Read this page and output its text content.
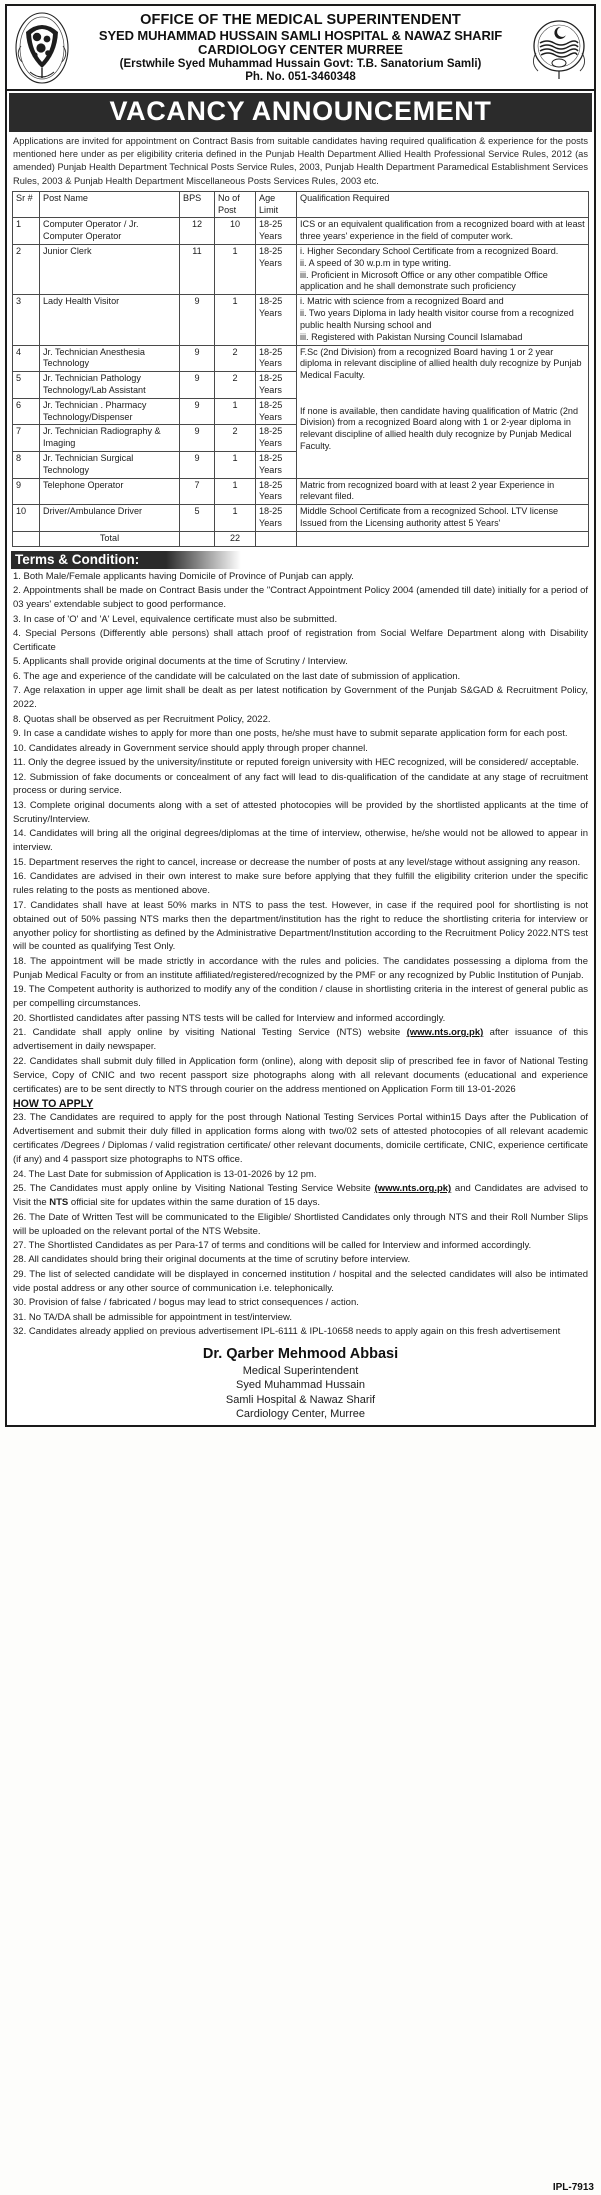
OFFICE OF THE MEDICAL SUPERINTENDENT
SYED MUHAMMAD HUSSAIN SAMLI HOSPITAL & NAWAZ SHARIF
CARDIOLOGY CENTER MURREE
(Erstwhile Syed Muhammad Hussain Govt: T.B. Sanatorium Samli)
Ph. No. 051-3460348
VACANCY ANNOUNCEMENT
Applications are invited for appointment on Contract Basis from suitable candidates having required qualification & experience for the posts mentioned here under as per eligibility criteria defined in the Punjab Health Department Allied Health Professional Service Rules, 2012 (as amended) Punjab Health Department Technical Posts Service Rules, 2003, Punjab Health Department Paramedical Establishment Services Rules, 2003 & Punjab Health Department Miscellaneous Posts Services Rules, 2003 etc.
Sr #	Post Name	BPS	No of Post	Age Limit	Qualification Required
1	Computer Operator / Jr. Computer Operator	12	10	18-25 Years	ICS or an equivalent qualification from a recognized board with at least three years' experience in the field of computer work.
2	Junior Clerk	11	1	18-25 Years	i. Higher Secondary School Certificate from a recognized Board.
ii. A speed of 30 w.p.m in type writing.
iii. Proficient in Microsoft Office or any other compatible Office application and he shall demonstrate such proficiency
3	Lady Health Visitor	9	1	18-25 Years	i. Matric with science from a recognized Board and
ii. Two years Diploma in lady health visitor course from a recognized public health Nursing school and
iii. Registered with Pakistan Nursing Council Islamabad
4	Jr. Technician Anesthesia Technology	9	2	18-25 Years	F.Sc (2nd Division) from a recognized Board having 1 or 2 year diploma in relevant discipline of allied health duly recognize by Punjab Medical Faculty.

If none is available, then candidate having qualification of Matric (2nd Division) from a recognized Board along with 1 or 2-year diploma in relevant discipline of allied health duly recognize by Punjab Medical Faculty.
5	Jr. Technician Pathology Technology/Lab Assistant	9	2	18-25 Years	
6	Jr. Technician . Pharmacy Technology/Dispenser	9	1	18-25 Years	
7	Jr. Technician Radiography & Imaging	9	2	18-25 Years	
8	Jr. Technician Surgical Technology	9	1	18-25 Years	
9	Telephone Operator	7	1	18-25 Years	Matric from recognized board with at least 2 year Experience in relevant filed.
10	Driver/Ambulance Driver	5	1	18-25 Years	Middle School Certificate from a recognized School. LTV license Issued from the Licensing authority attest 5 Years'
	Total		22		
Terms & Condition:
1. Both Male/Female applicants having Domicile of Province of Punjab can apply.
2. Appointments shall be made on Contract Basis under the "Contract Appointment Policy 2004 (amended till date) initially for a period of 03 years' extendable subject to good performance.
3. In case of 'O' and 'A' Level, equivalence certificate must also be submitted.
4. Special Persons (Differently able persons) shall attach proof of registration from Social Welfare Department along with Disability Certificate
5. Applicants shall provide original documents at the time of Scrutiny / Interview.
6. The age and experience of the candidate will be calculated on the last date of submission of application.
7. Age relaxation in upper age limit shall be dealt as per latest notification by Government of the Punjab S&GAD & Recruitment Policy, 2022.
8. Quotas shall be observed as per Recruitment Policy, 2022.
9. In case a candidate wishes to apply for more than one posts, he/she must have to submit separate application form for each post.
10. Candidates already in Government service should apply through proper channel.
11. Only the degree issued by the university/institute or reputed foreign university with HEC recognized, will be considered/ acceptable.
12. Submission of fake documents or concealment of any fact will lead to dis-qualification of the candidate at any stage of recruitment process or during service.
13. Complete original documents along with a set of attested photocopies will be provided by the shortlisted applicants at the time of Scrutiny/Interview.
14. Candidates will bring all the original degrees/diplomas at the time of interview, otherwise, he/she would not be allowed to appear in interview.
15. Department reserves the right to cancel, increase or decrease the number of posts at any level/stage without assigning any reason.
16. Candidates are advised in their own interest to make sure before applying that they fulfill the eligibility criterion under the specific rules relating to the posts as mentioned above.
17. Candidates shall have at least 50% marks in NTS to pass the test. However, in case if the required pool for shortlisting is not obtained out of 50% passing NTS marks then the department/institution has the right to reduce the shortlisting criteria for interview or anyother policy for shortlisting as defined by the Administrative Department/Institution according to the Recruitment Policy 2022.NTS test will be counted as qualifying Test Only.
18. The appointment will be made strictly in accordance with the rules and policies. The candidates possessing a diploma from the Punjab Medical Faculty or from an institute affiliated/registered/recognized by the PMF or any recognized by Public Institution of Punjab.
19. The Competent authority is authorized to modify any of the condition / clause in shortlisting criteria in the interest of general public as per compelling circumstances.
20. Shortlisted candidates after passing NTS tests will be called for Interview and informed accordingly.
21. Candidate shall apply online by visiting National Testing Service (NTS) website (www.nts.org.pk) after issuance of this advertisement in daily newspaper.
22. Candidates shall submit duly filled in Application form (online), along with deposit slip of prescribed fee in favor of National Testing Service, Copy of CNIC and two recent passport size photographs along with all relevant documents (educational and experience certificates) are to be sent directly to NTS through courier on the address mentioned on Application Form till 13-01-2026
HOW TO APPLY
23. The Candidates are required to apply for the post through National Testing Services Portal within15 Days after the Publication of Advertisement and submit their duly filled in application forms along with two/02 sets of attested photocopies of all relevant academic certificates /Degrees / Diplomas / valid registration certificate/ other relevant documents, domicile certificate, CNIC, experience certificate (if any) and 4 passport size photographs to NTS office.
24. The Last Date for submission of Application is 13-01-2026 by 12 pm.
25. The Candidates must apply online by Visiting National Testing Service Website (www.nts.org.pk) and Candidates are advised to Visit the NTS official site for updates within the same duration of 15 days.
26. The Date of Written Test will be communicated to the Eligible/ Shortlisted Candidates only through NTS and their Roll Number Slips will be uploaded on the relevant portal of the NTS Website.
27. The Shortlisted Candidates as per Para-17 of terms and conditions will be called for Interview and informed accordingly.
28. All candidates should bring their original documents at the time of scrutiny before interview.
29. The list of selected candidate will be displayed in concerned institution / hospital and the selected candidates will also be intimated vide postal address or any other source of communication i.e. telephonically.
30. Provision of false / fabricated / bogus may lead to strict consequences / action.
31. No TA/DA shall be admissible for appointment in test/interview.
32. Candidates already applied on previous advertisement IPL-6111 & IPL-10658 needs to apply again on this fresh advertisement
Dr. Qarber Mehmood Abbasi
Medical Superintendent
Syed Muhammad Hussain
Samli Hospital & Nawaz Sharif
Cardiology Center, Murree
IPL-7913
